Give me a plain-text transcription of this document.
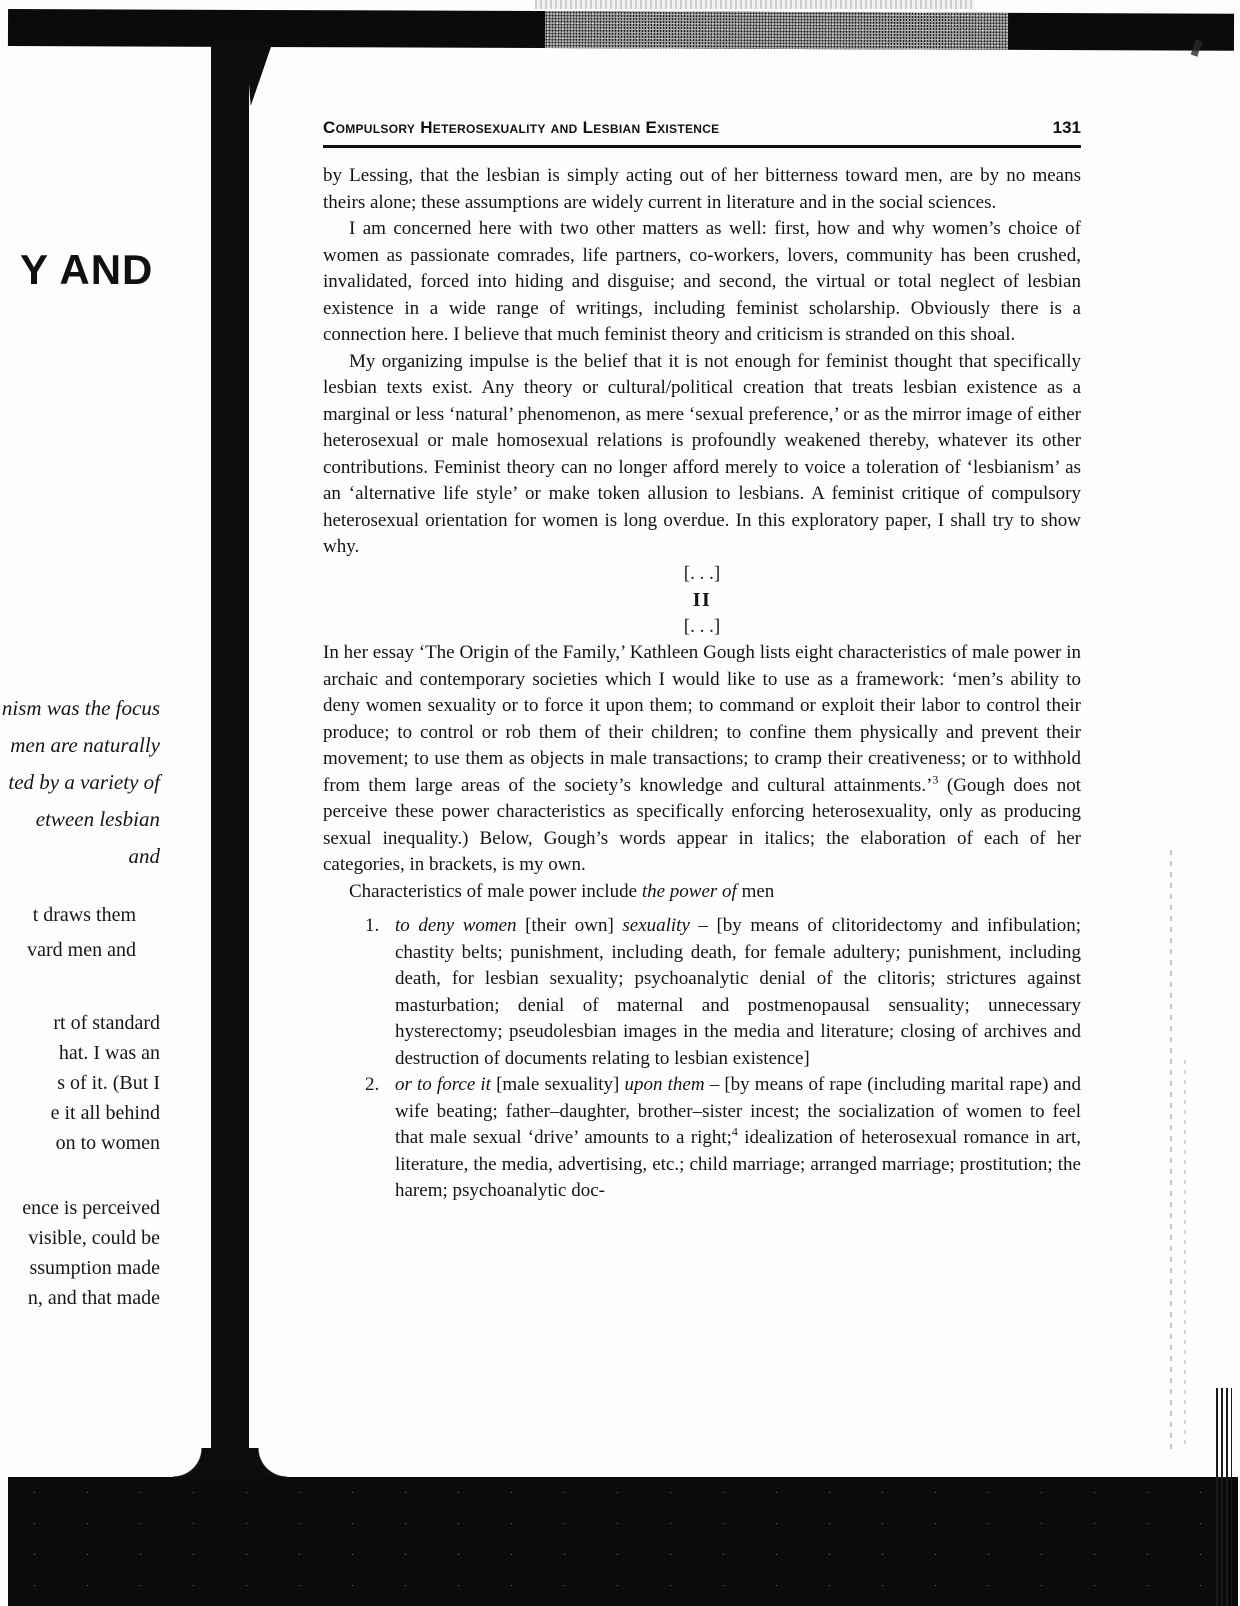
Y AND
nism was the focus
men are naturally
ted by a variety of
etween lesbian and
t draws them
vard men and
rt of standard
hat. I was an
s of it. (But I
e it all behind
on to women
ence is perceived
visible, could be
ssumption made
n, and that made
Compulsory Heterosexuality and Lesbian Existence	131

by Lessing, that the lesbian is simply acting out of her bitterness toward men, are by no means theirs alone; these assumptions are widely current in literature and in the social sciences.

I am concerned here with two other matters as well: first, how and why women’s choice of women as passionate comrades, life partners, co-workers, lovers, community has been crushed, invalidated, forced into hiding and disguise; and second, the virtual or total neglect of lesbian existence in a wide range of writings, including feminist scholarship. Obviously there is a connection here. I believe that much feminist theory and criticism is stranded on this shoal.

My organizing impulse is the belief that it is not enough for feminist thought that specifically lesbian texts exist. Any theory or cultural/political creation that treats lesbian existence as a marginal or less ‘natural’ phenomenon, as mere ‘sexual preference,’ or as the mirror image of either heterosexual or male homosexual relations is profoundly weakened thereby, whatever its other contributions. Feminist theory can no longer afford merely to voice a toleration of ‘lesbianism’ as an ‘alternative life style’ or make token allusion to lesbians. A feminist critique of compulsory heterosexual orientation for women is long overdue. In this exploratory paper, I shall try to show why.

[. . .]
II
[. . .]

In her essay ‘The Origin of the Family,’ Kathleen Gough lists eight characteristics of male power in archaic and contemporary societies which I would like to use as a framework: ‘men’s ability to deny women sexuality or to force it upon them; to command or exploit their labor to control their produce; to control or rob them of their children; to confine them physically and prevent their movement; to use them as objects in male transactions; to cramp their creativeness; or to withhold from them large areas of the society’s knowledge and cultural attainments.’$^3$ (Gough does not perceive these power characteristics as specifically enforcing heterosexuality, only as producing sexual inequality.) Below, Gough’s words appear in italics; the elaboration of each of her categories, in brackets, is my own.

Characteristics of male power include the power of men

1. to deny women [their own] sexuality – [by means of clitoridectomy and infibulation; chastity belts; punishment, including death, for female adultery; punishment, including death, for lesbian sexuality; psychoanalytic denial of the clitoris; strictures against masturbation; denial of maternal and postmenopausal sensuality; unnecessary hysterectomy; pseudolesbian images in the media and literature; closing of archives and destruction of documents relating to lesbian existence]
2. or to force it [male sexuality] upon them – [by means of rape (including marital rape) and wife beating; father–daughter, brother–sister incest; the socialization of women to feel that male sexual ‘drive’ amounts to a right;$^4$ idealization of heterosexual romance in art, literature, the media, advertising, etc.; child marriage; arranged marriage; prostitution; the harem; psychoanalytic doc-
